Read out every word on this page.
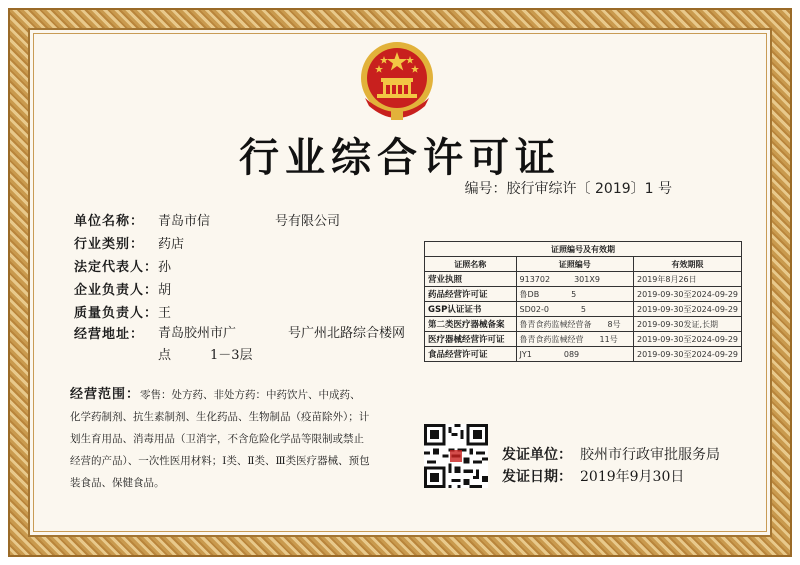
行业综合许可证
编号：胶行审综许〔 2019〕1 号
单位名称：	青岛市信　　　　　号有限公司
行业类别：	药店
法定代表人： 孙
企业负责人： 胡
质量负责人： 王
经营地址：	青岛胶州市广　　　　号广州北路综合楼网点　　　1－3层
证照编号及有效期		
证照名称	证照编号	有效期限
营业执照	913702　　　301X9	2019年8月26日
药品经营许可证	鲁DB　　　　5	2019-09-30至2024-09-29
GSP认证证书	SD02-0　　　　5	2019-09-30至2024-09-29
第二类医疗器械备案	鲁青食药监械经营备　　8号	2019-09-30发证,长期
医疗器械经营许可证	鲁青食药监械经营　　11号	2019-09-30至2024-09-29
食品经营许可证	JY1　　　　089	2019-09-30至2024-09-29
经营范围：零售：处方药、非处方药：中药饮片、中成药、化学药制剂、抗生素制剂、生化药品、生物制品（疫苗除外）；计划生育用品、消毒用品（卫消字，不含危险化学品等限制或禁止经营的产品）、一次性医用材料；Ⅰ类、Ⅱ类、Ⅲ类医疗器械、预包装食品、保健食品。
发证单位： 胶州市行政审批服务局
发证日期： 2019年9月30日
